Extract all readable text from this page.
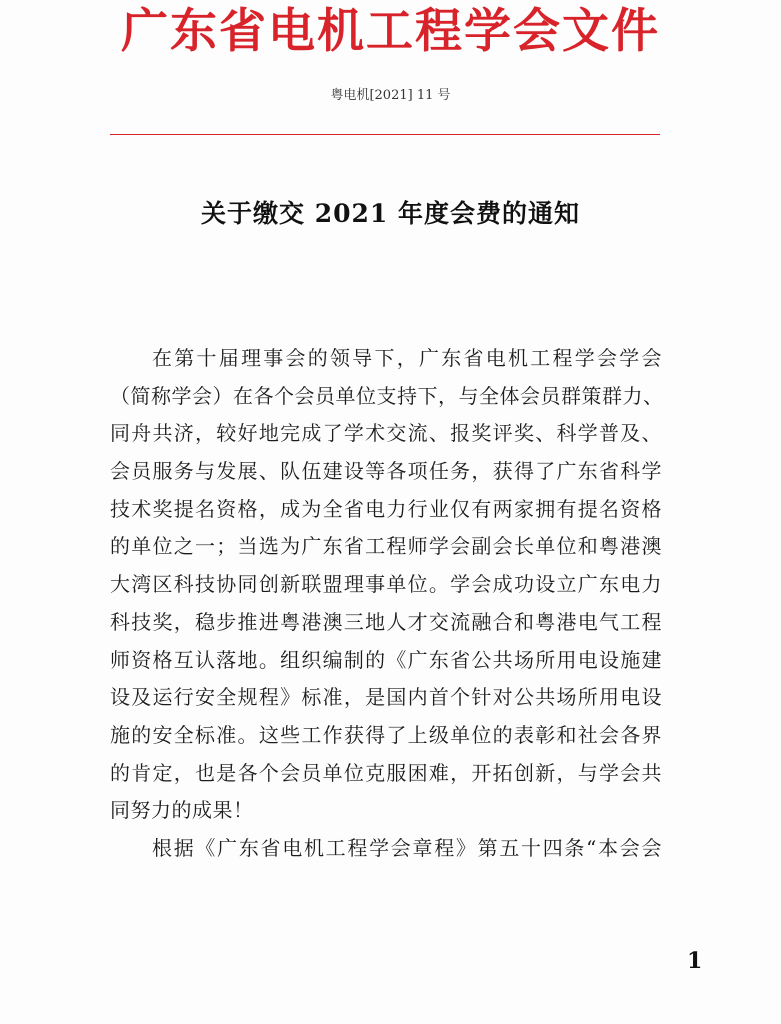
广东省电机工程学会文件
粤电机[2021] 11 号
关于缴交 2021 年度会费的通知
在第十届理事会的领导下，广东省电机工程学会学会
（简称学会）在各个会员单位支持下，与全体会员群策群力、
同舟共济，较好地完成了学术交流、报奖评奖、科学普及、
会员服务与发展、队伍建设等各项任务，获得了广东省科学
技术奖提名资格，成为全省电力行业仅有两家拥有提名资格
的单位之一；当选为广东省工程师学会副会长单位和粤港澳
大湾区科技协同创新联盟理事单位。学会成功设立广东电力
科技奖，稳步推进粤港澳三地人才交流融合和粤港电气工程
师资格互认落地。组织编制的《广东省公共场所用电设施建
设及运行安全规程》标准，是国内首个针对公共场所用电设
施的安全标准。这些工作获得了上级单位的表彰和社会各界
的肯定，也是各个会员单位克服困难，开拓创新，与学会共
同努力的成果！
根据《广东省电机工程学会章程》第五十四条“本会会
1
